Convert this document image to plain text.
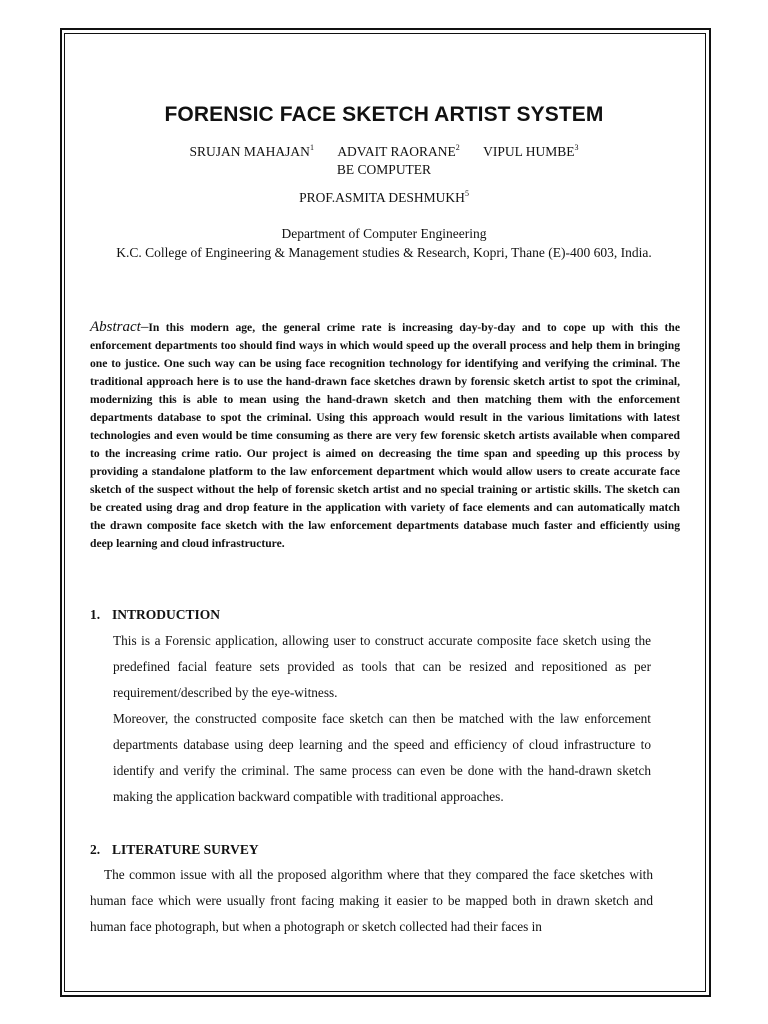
FORENSIC FACE SKETCH ARTIST SYSTEM
SRUJAN MAHAJAN$^1$ ADVAIT RAORANE$^2$ VIPUL HUMBE$^3$
BE COMPUTER
PROF.ASMITA DESHMUKH$^5$
Department of Computer Engineering
K.C. College of Engineering & Management studies & Research, Kopri, Thane (E)-400 603, India.
Abstract–In this modern age, the general crime rate is increasing day-by-day and to cope up with this the enforcement departments too should find ways in which would speed up the overall process and help them in bringing one to justice. One such way can be using face recognition technology for identifying and verifying the criminal. The traditional approach here is to use the hand-drawn face sketches drawn by forensic sketch artist to spot the criminal, modernizing this is able to mean using the hand-drawn sketch and then matching them with the enforcement departments database to spot the criminal. Using this approach would result in the various limitations with latest technologies and even would be time consuming as there are very few forensic sketch artists available when compared to the increasing crime ratio. Our project is aimed on decreasing the time span and speeding up this process by providing a standalone platform to the law enforcement department which would allow users to create accurate face sketch of the suspect without the help of forensic sketch artist and no special training or artistic skills. The sketch can be created using drag and drop feature in the application with variety of face elements and can automatically match the drawn composite face sketch with the law enforcement departments database much faster and efficiently using deep learning and cloud infrastructure.
1. INTRODUCTION
This is a Forensic application, allowing user to construct accurate composite face sketch using the predefined facial feature sets provided as tools that can be resized and repositioned as per requirement/described by the eye-witness.
Moreover, the constructed composite face sketch can then be matched with the law enforcement departments database using deep learning and the speed and efficiency of cloud infrastructure to identify and verify the criminal. The same process can even be done with the hand-drawn sketch making the application backward compatible with traditional approaches.
2. LITERATURE SURVEY
The common issue with all the proposed algorithm where that they compared the face sketches with human face which were usually front facing making it easier to be mapped both in drawn sketch and human face photograph, but when a photograph or sketch collected had their faces in
